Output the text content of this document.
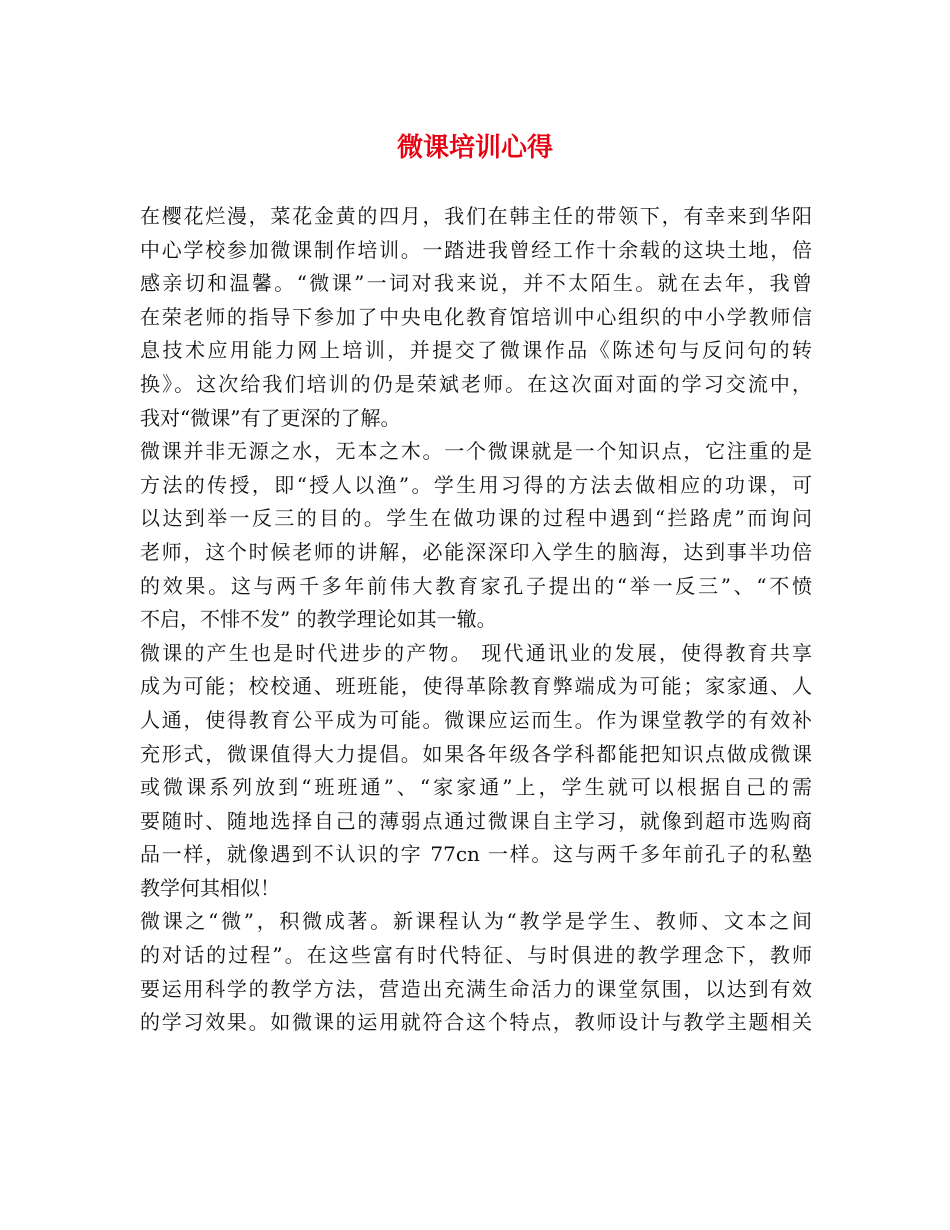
微课培训心得
在樱花烂漫，菜花金黄的四月，我们在韩主任的带领下，有幸来到华阳
中心学校参加微课制作培训。一踏进我曾经工作十余载的这块土地，倍
感亲切和温馨。“微课”一词对我来说，并不太陌生。就在去年，我曾
在荣老师的指导下参加了中央电化教育馆培训中心组织的中小学教师信
息技术应用能力网上培训，并提交了微课作品《陈述句与反问句的转
换》。这次给我们培训的仍是荣斌老师。在这次面对面的学习交流中，
我对“微课”有了更深的了解。
微课并非无源之水，无本之木。一个微课就是一个知识点，它注重的是
方法的传授，即“授人以渔”。学生用习得的方法去做相应的功课，可
以达到举一反三的目的。学生在做功课的过程中遇到“拦路虎”而询问
老师，这个时候老师的讲解，必能深深印入学生的脑海，达到事半功倍
的效果。这与两千多年前伟大教育家孔子提出的“举一反三”、“不愤
不启，不悱不发” 的教学理论如其一辙。
微课的产生也是时代进步的产物。 现代通讯业的发展，使得教育共享
成为可能；校校通、班班能，使得革除教育弊端成为可能；家家通、人
人通，使得教育公平成为可能。微课应运而生。作为课堂教学的有效补
充形式，微课值得大力提倡。如果各年级各学科都能把知识点做成微课
或微课系列放到“班班通”、“家家通”上，学生就可以根据自己的需
要随时、随地选择自己的薄弱点通过微课自主学习，就像到超市选购商
品一样，就像遇到不认识的字 77cn 一样。这与两千多年前孔子的私塾
教学何其相似！
微课之“微”，积微成著。新课程认为“教学是学生、教师、文本之间
的对话的过程”。在这些富有时代特征、与时俱进的教学理念下，教师
要运用科学的教学方法，营造出充满生命活力的课堂氛围，以达到有效
的学习效果。如微课的运用就符合这个特点，教师设计与教学主题相关
